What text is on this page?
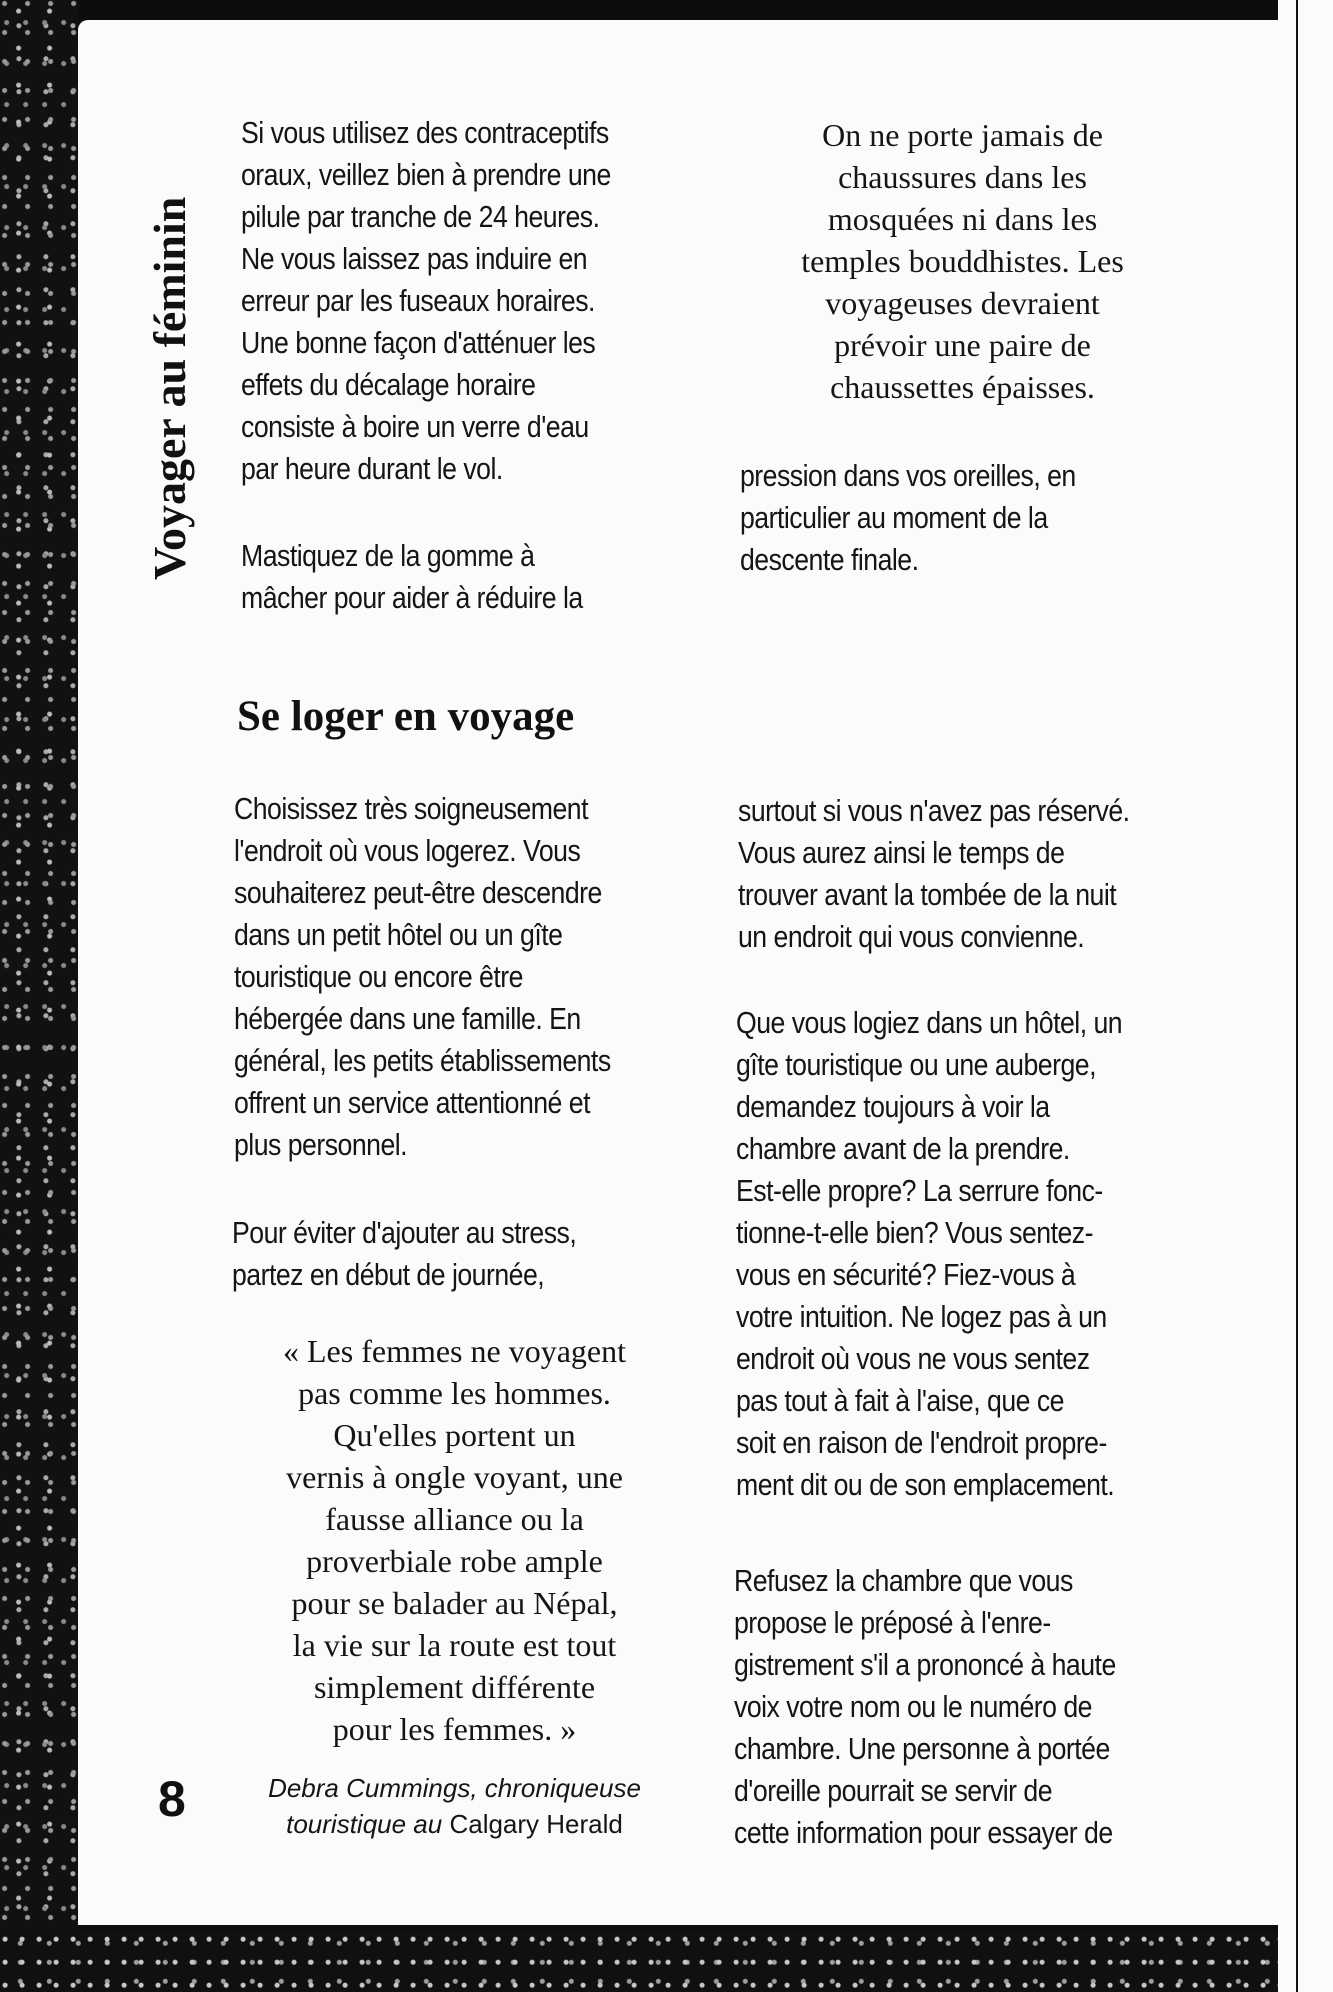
Si vous utilisez des contraceptifs
oraux, veillez bien à prendre une
pilule par tranche de 24 heures.
Ne vous laissez pas induire en
erreur par les fuseaux horaires.
Une bonne façon d'atténuer les
effets du décalage horaire
consiste à boire un verre d'eau
par heure durant le vol.
Mastiquez de la gomme à
mâcher pour aider à réduire la
On ne porte jamais de
chaussures dans les
mosquées ni dans les
temples bouddhistes. Les
voyageuses devraient
prévoir une paire de
chaussettes épaisses.
pression dans vos oreilles, en
particulier au moment de la
descente finale.
Se loger en voyage
Choisissez très soigneusement
l'endroit où vous logerez. Vous
souhaiterez peut-être descendre
dans un petit hôtel ou un gîte
touristique ou encore être
hébergée dans une famille. En
général, les petits établissements
offrent un service attentionné et
plus personnel.
Pour éviter d'ajouter au stress,
partez en début de journée,
« Les femmes ne voyagent
pas comme les hommes.
Qu'elles portent un
vernis à ongle voyant, une
fausse alliance ou la
proverbiale robe ample
pour se balader au Népal,
la vie sur la route est tout
simplement différente
pour les femmes. »
Debra Cummings, chroniqueuse
touristique au Calgary Herald
surtout si vous n'avez pas réservé.
Vous aurez ainsi le temps de
trouver avant la tombée de la nuit
un endroit qui vous convienne.
Que vous logiez dans un hôtel, un
gîte touristique ou une auberge,
demandez toujours à voir la
chambre avant de la prendre.
Est-elle propre? La serrure fonc-
tionne-t-elle bien? Vous sentez-
vous en sécurité? Fiez-vous à
votre intuition. Ne logez pas à un
endroit où vous ne vous sentez
pas tout à fait à l'aise, que ce
soit en raison de l'endroit propre-
ment dit ou de son emplacement.
Refusez la chambre que vous
propose le préposé à l'enre-
gistrement s'il a prononcé à haute
voix votre nom ou le numéro de
chambre. Une personne à portée
d'oreille pourrait se servir de
cette information pour essayer de
8
